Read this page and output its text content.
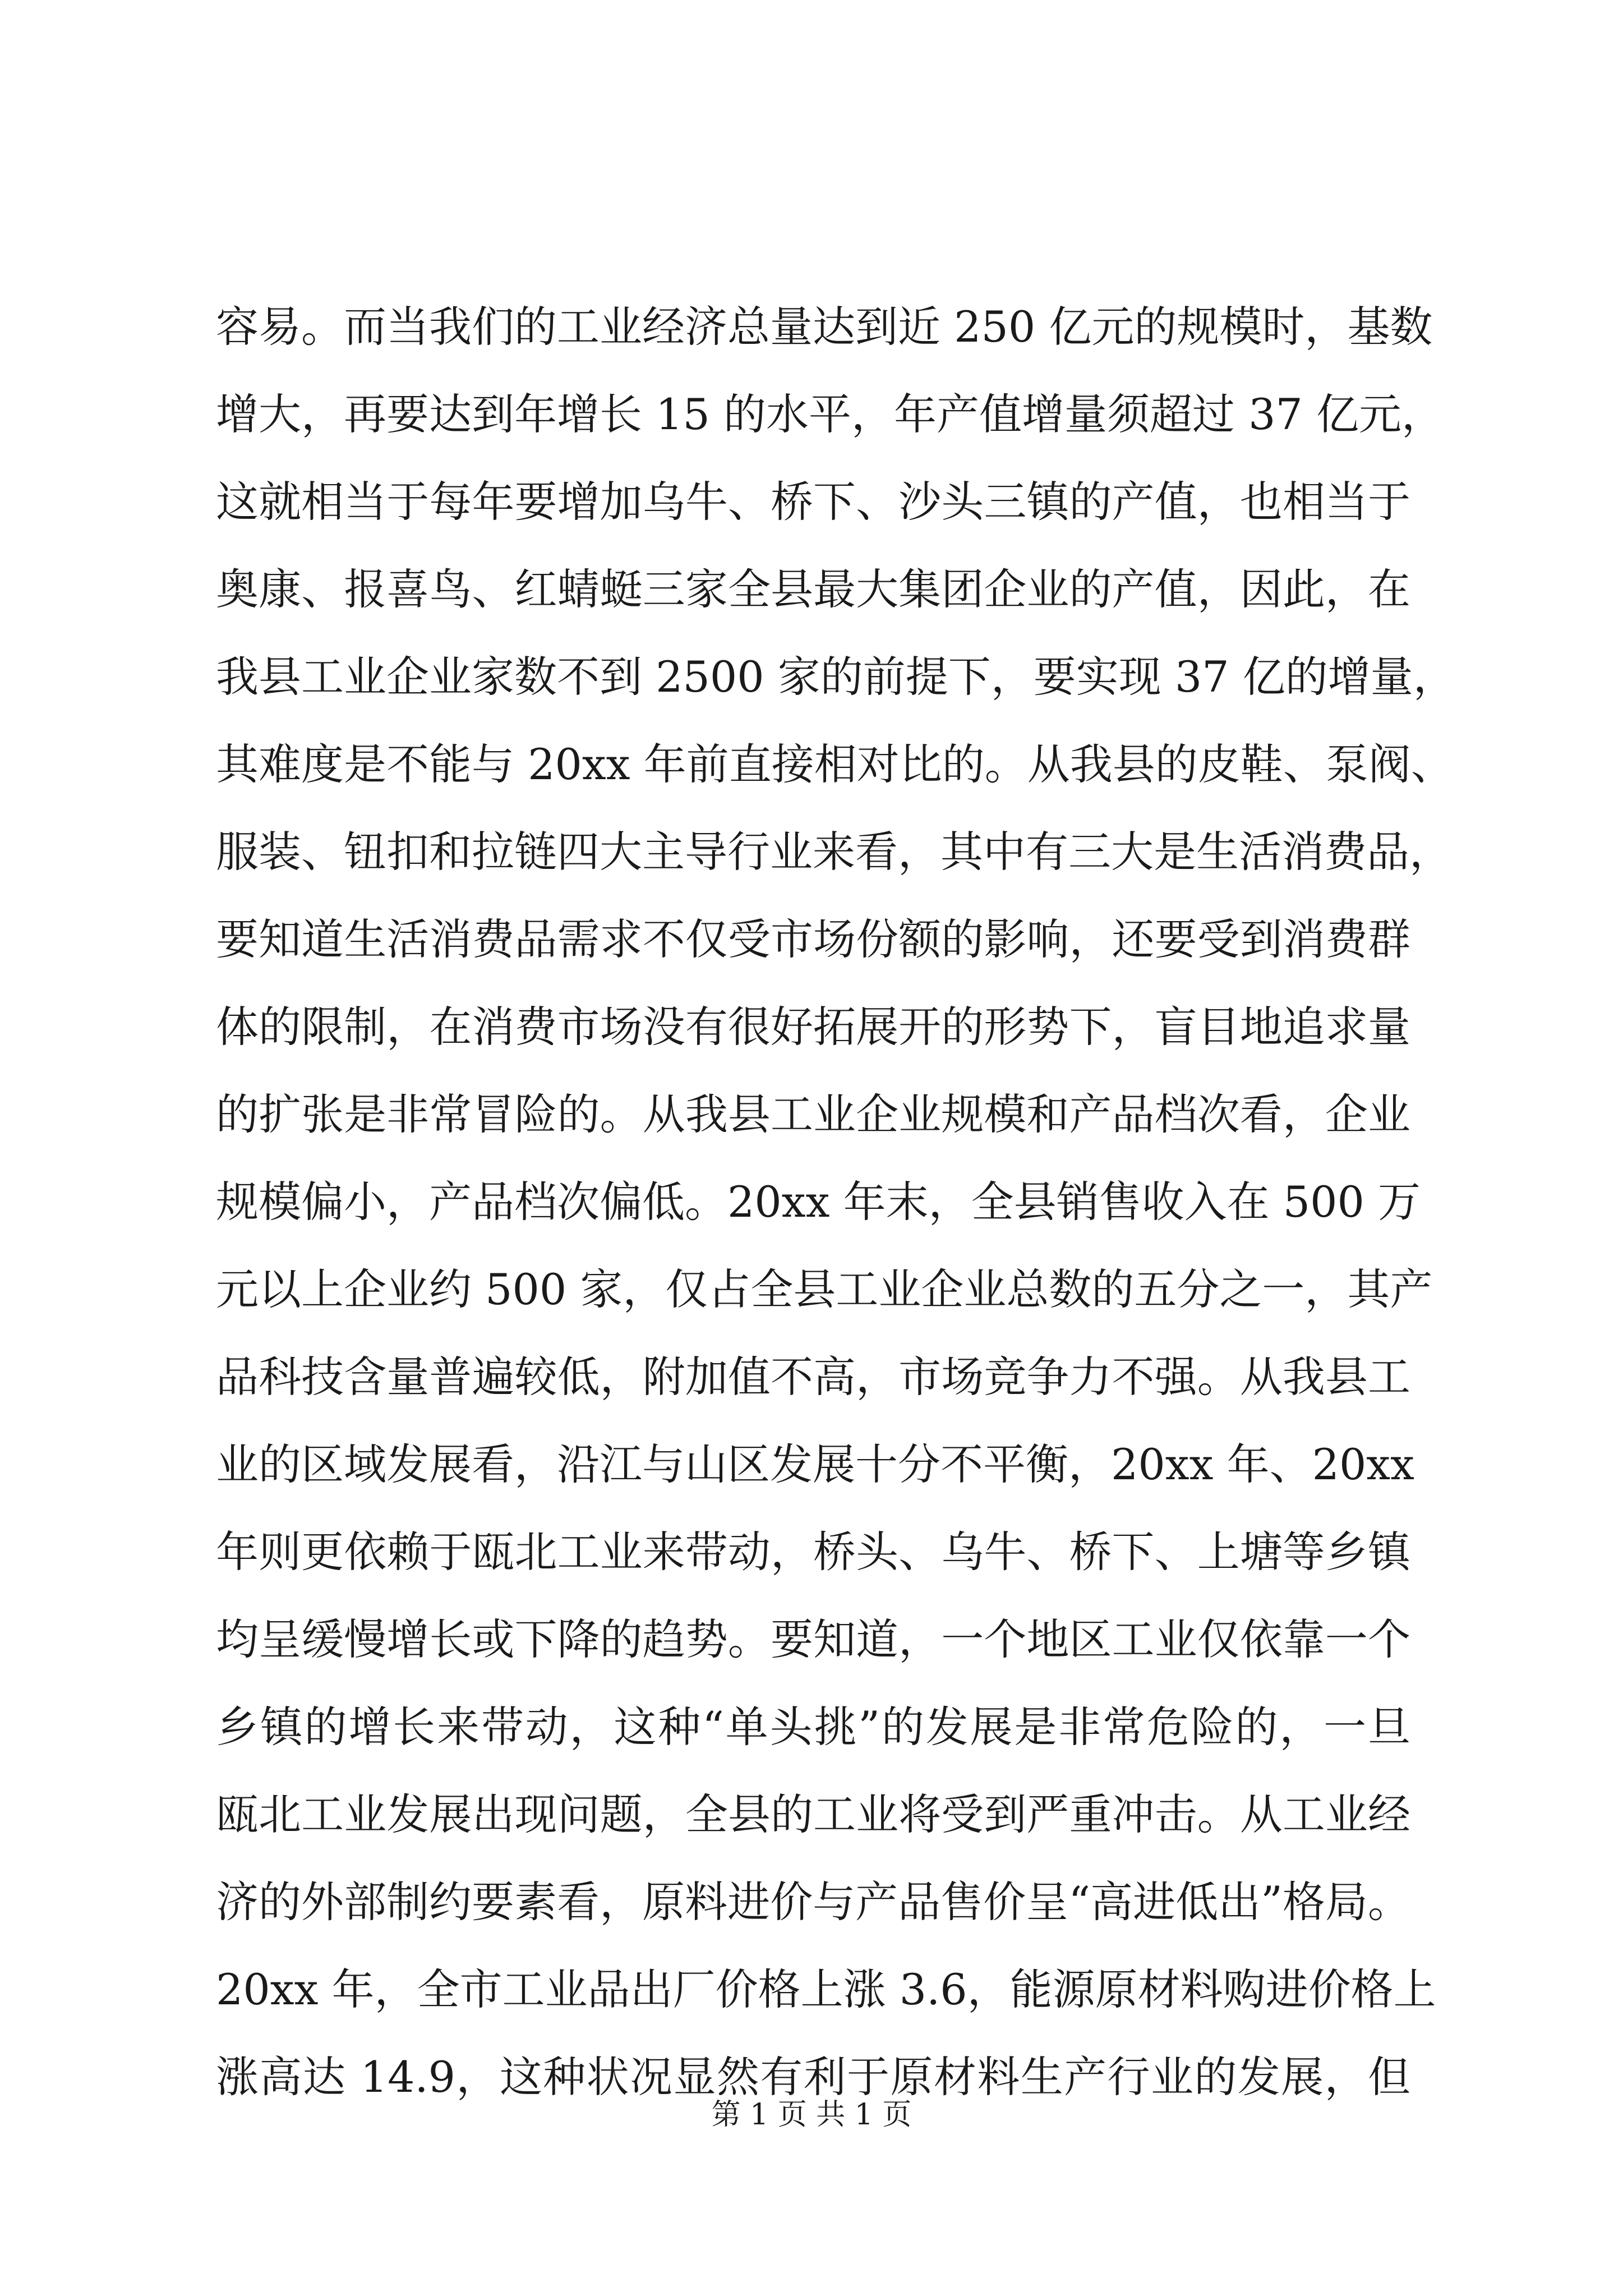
容易。而当我们的工业经济总量达到近 250 亿元的规模时，基数
增大，再要达到年增长 15 的水平，年产值增量须超过 37 亿元，
这就相当于每年要增加乌牛、桥下、沙头三镇的产值，也相当于
奥康、报喜鸟、红蜻蜓三家全县最大集团企业的产值，因此，在
我县工业企业家数不到 2500 家的前提下，要实现 37 亿的增量，
其难度是不能与 20xx 年前直接相对比的。从我县的皮鞋、泵阀、
服装、钮扣和拉链四大主导行业来看，其中有三大是生活消费品，
要知道生活消费品需求不仅受市场份额的影响，还要受到消费群
体的限制，在消费市场没有很好拓展开的形势下，盲目地追求量
的扩张是非常冒险的。从我县工业企业规模和产品档次看，企业
规模偏小，产品档次偏低。20xx 年末，全县销售收入在 500 万
元以上企业约 500 家，仅占全县工业企业总数的五分之一，其产
品科技含量普遍较低，附加值不高，市场竞争力不强。从我县工
业的区域发展看，沿江与山区发展十分不平衡，20xx 年、20xx
年则更依赖于瓯北工业来带动，桥头、乌牛、桥下、上塘等乡镇
均呈缓慢增长或下降的趋势。要知道，一个地区工业仅依靠一个
乡镇的增长来带动，这种“单头挑”的发展是非常危险的，一旦
瓯北工业发展出现问题，全县的工业将受到严重冲击。从工业经
济的外部制约要素看，原料进价与产品售价呈“高进低出”格局。
20xx 年，全市工业品出厂价格上涨 3.6，能源原材料购进价格上
涨高达 14.9，这种状况显然有利于原材料生产行业的发展，但
第 1 页 共 1 页
